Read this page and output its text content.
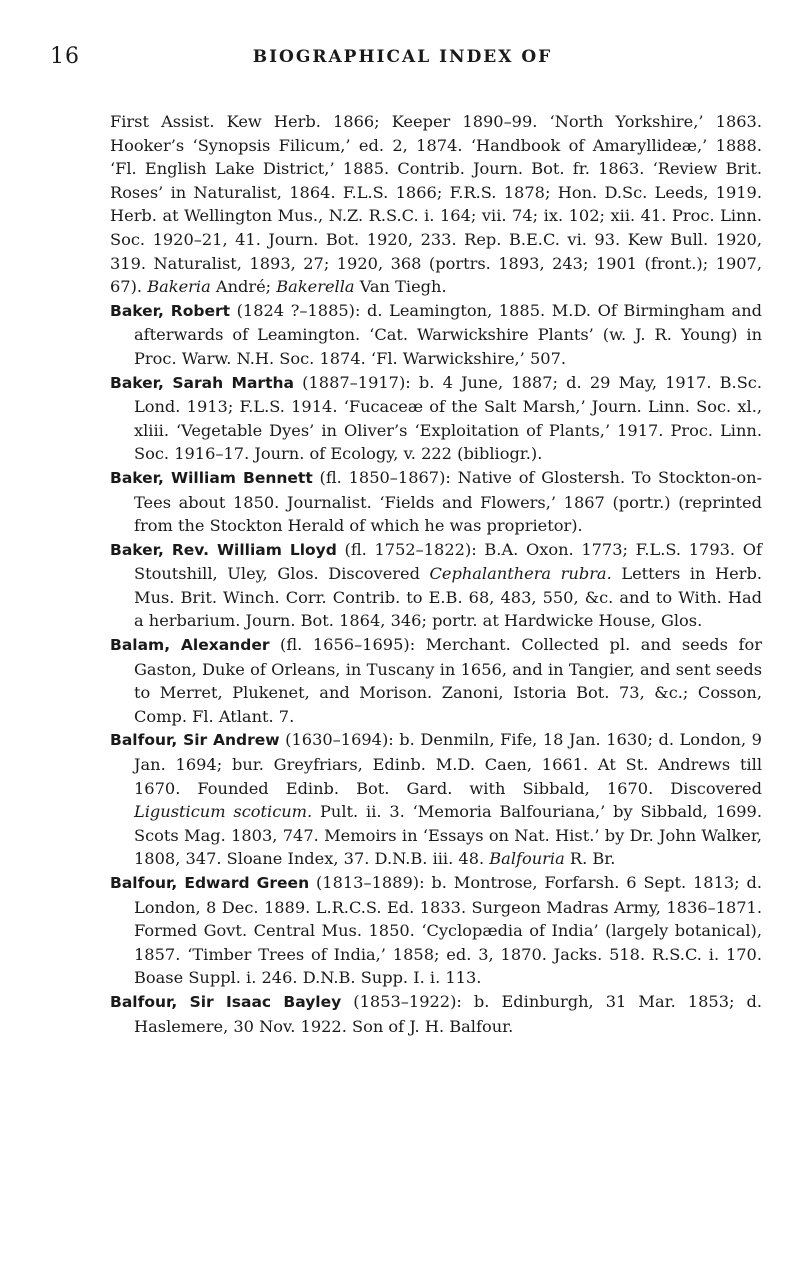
16	BIOGRAPHICAL INDEX OF

First Assist. Kew Herb. 1866; Keeper 1890–99. ‘North Yorkshire,’ 1863. Hooker’s ‘Synopsis Filicum,’ ed. 2, 1874. ‘Handbook of Amaryllideæ,’ 1888. ‘Fl. English Lake District,’ 1885. Contrib. Journ. Bot. fr. 1863. ‘Review Brit. Roses’ in Naturalist, 1864. F.L.S. 1866; F.R.S. 1878; Hon. D.Sc. Leeds, 1919. Herb. at Wellington Mus., N.Z. R.S.C. i. 164; vii. 74; ix. 102; xii. 41. Proc. Linn. Soc. 1920–21, 41. Journ. Bot. 1920, 233. Rep. B.E.C. vi. 93. Kew Bull. 1920, 319. Naturalist, 1893, 27; 1920, 368 (portrs. 1893, 243; 1901 (front.); 1907, 67). Bakeria André; Bakerella Van Tiegh.

Baker, Robert (1824 ?–1885): d. Leamington, 1885. M.D. Of Birmingham and afterwards of Leamington. ‘Cat. Warwickshire Plants’ (w. J. R. Young) in Proc. Warw. N.H. Soc. 1874. ‘Fl. Warwickshire,’ 507.

Baker, Sarah Martha (1887–1917): b. 4 June, 1887; d. 29 May, 1917. B.Sc. Lond. 1913; F.L.S. 1914. ‘Fucaceæ of the Salt Marsh,’ Journ. Linn. Soc. xl., xliii. ‘Vegetable Dyes’ in Oliver’s ‘Exploitation of Plants,’ 1917. Proc. Linn. Soc. 1916–17. Journ. of Ecology, v. 222 (bibliogr.).

Baker, William Bennett (fl. 1850–1867): Native of Glostersh. To Stockton-on-Tees about 1850. Journalist. ‘Fields and Flowers,’ 1867 (portr.) (reprinted from the Stockton Herald of which he was proprietor).

Baker, Rev. William Lloyd (fl. 1752–1822): B.A. Oxon. 1773; F.L.S. 1793. Of Stoutshill, Uley, Glos. Discovered Cephalanthera rubra. Letters in Herb. Mus. Brit. Winch. Corr. Contrib. to E.B. 68, 483, 550, &c. and to With. Had a herbarium. Journ. Bot. 1864, 346; portr. at Hardwicke House, Glos.

Balam, Alexander (fl. 1656–1695): Merchant. Collected pl. and seeds for Gaston, Duke of Orleans, in Tuscany in 1656, and in Tangier, and sent seeds to Merret, Plukenet, and Morison. Zanoni, Istoria Bot. 73, &c.; Cosson, Comp. Fl. Atlant. 7.

Balfour, Sir Andrew (1630–1694): b. Denmiln, Fife, 18 Jan. 1630; d. London, 9 Jan. 1694; bur. Greyfriars, Edinb. M.D. Caen, 1661. At St. Andrews till 1670. Founded Edinb. Bot. Gard. with Sibbald, 1670. Discovered Ligusticum scoticum. Pult. ii. 3. ‘Memoria Balfouriana,’ by Sibbald, 1699. Scots Mag. 1803, 747. Memoirs in ‘Essays on Nat. Hist.’ by Dr. John Walker, 1808, 347. Sloane Index, 37. D.N.B. iii. 48. Balfouria R. Br.

Balfour, Edward Green (1813–1889): b. Montrose, Forfarsh. 6 Sept. 1813; d. London, 8 Dec. 1889. L.R.C.S. Ed. 1833. Surgeon Madras Army, 1836–1871. Formed Govt. Central Mus. 1850. ‘Cyclopædia of India’ (largely botanical), 1857. ‘Timber Trees of India,’ 1858; ed. 3, 1870. Jacks. 518. R.S.C. i. 170. Boase Suppl. i. 246. D.N.B. Supp. I. i. 113.

Balfour, Sir Isaac Bayley (1853–1922): b. Edinburgh, 31 Mar. 1853; d. Haslemere, 30 Nov. 1922. Son of J. H. Balfour.
